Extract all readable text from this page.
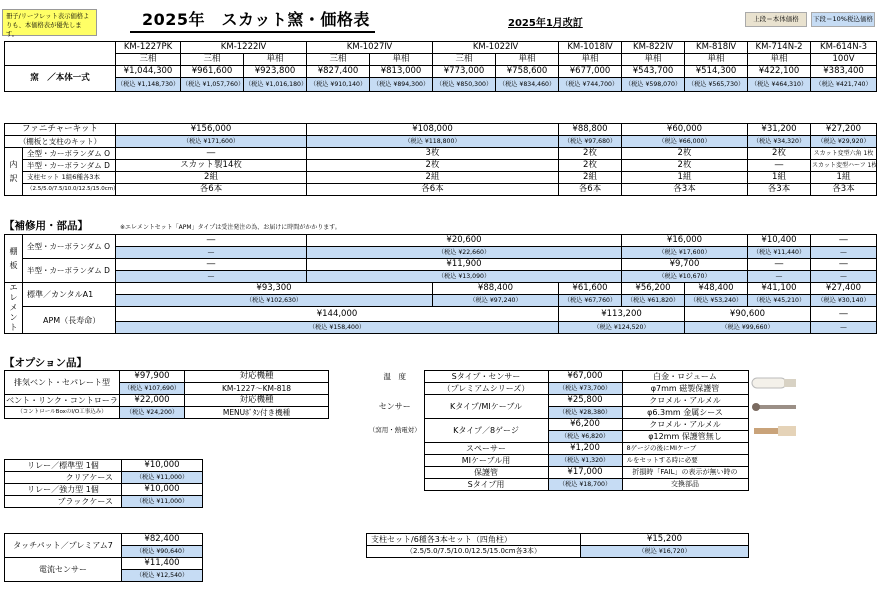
冊子/リーフレット表示価格よりも、本価格表が優先します。
2025年　スカット窯・価格表	2025年1月改訂	上段＝本体価格	下段＝10%税込価格
	KM-1227PK	KM-1222Ⅳ		KM-1027Ⅳ		KM-1022Ⅳ		KM-1018Ⅳ	KM-822Ⅳ	KM-818Ⅳ	KM-714N-2	KM-614N-3
	三相	三相	単相	三相	単相	三相	単相	単相	単相	単相	単相	100V
窯　／本体一式	¥1,044,300	¥961,600	¥923,800	¥827,400	¥813,000	¥773,000	¥758,600	¥677,000	¥543,700	¥514,300	¥422,100	¥383,400
	（税込 ¥1,148,730）	（税込 ¥1,057,760）	（税込 ¥1,016,180）	（税込 ¥910,140）	（税込 ¥894,300）	（税込 ¥850,300）	（税込 ¥834,460）	（税込 ¥744,700）	（税込 ¥598,070）	（税込 ¥565,730）	（税込 ¥464,310）	（税込 ¥421,740）
ファニチャーキット		¥156,000	¥108,000	¥88,800	¥60,000	¥31,200	¥27,200
（棚板と支柱のキット）		（税込 ¥171,600）	（税込 ¥118,800）	（税込 ¥97,680）	（税込 ¥66,000）	（税込 ¥34,320）	（税込 ¥29,920）
内　訳	全型・カーボランダム O	―	3枚	2枚	2枚	2枚	スカット変型六角 1枚
	半型・カーボランダム D	スカット製14枚	2枚	2枚	2枚	―	スカット変型ハーフ 1枚
	支柱セット 1組6種各3本	2組	2組	2組	1組	1組	1組
	（2.5/5.0/7.5/10.0/12.5/15.0cm）	各6本	各6本	各6本	各3本	各3本	各3本
【補修用・部品】	※エレメントセット「APM」タイプは受注発注の為、お届けに時間がかかります。
棚　板	全型・カーボランダム O	―	¥20,600			¥16,000		¥10,400	―	
		―	（税込 ¥22,660）			（税込 ¥17,600）		（税込 ¥11,440）	―	
	半型・カーボランダム D	―	¥11,900			¥9,700		―	―	
		―	（税込 ¥13,090）			（税込 ¥10,670）		―	―	
エレメント	標準／カンタルA1	¥93,300		¥88,400	¥61,600	¥56,200	¥48,400	¥41,100	¥27,400	
		（税込 ¥102,630）		（税込 ¥97,240）	（税込 ¥67,760）	（税込 ¥61,820）	（税込 ¥53,240）	（税込 ¥45,210）	（税込 ¥30,140）	
	APM（長寿命）	¥144,000			¥113,200		¥90,600		―	
		（税込 ¥158,400）			（税込 ¥124,520）		（税込 ¥99,660）		―	
【オプション品】
排気ベント・セパレート型	¥97,900	対応機種
	（税込 ¥107,690）	KM-1227～KM-818
ベント・リンク・コントローラ	¥22,000	対応機種
（コントロールBoxのI/O工事込み）	（税込 ¥24,200）	MENUﾎﾞﾀﾝ付き機種
リレー／標準型 1個	¥10,000
クリアケース	（税込 ¥11,000）
リレー／強力型 1個	¥10,000
ブラックケース	（税込 ¥11,000）
タッチパット／プレミアム7	¥82,400
	（税込 ¥90,640）
電流センサー	¥11,400
	（税込 ¥12,540）
温　度	Sタイプ・センサー	¥67,000	白金・ロジューム	

	（プレミアムシリーズ）	（税込 ¥73,700）	φ7mm 磁製保護管	
センサー	Kタイプ/MIケーブル	¥25,800	クロメル・アルメル	

		（税込 ¥28,380）	φ6.3mm 金属シース	
（窯用・熱電対）	Kタイプ／8ゲージ	¥6,200	クロメル・アルメル	

		（税込 ¥6,820）	φ12mm 保護管無し	
	スペーサー	¥1,200	8ゲージの後にMIケーブ	
	MIケーブル用	（税込 ¥1,320）	ルをセットする時に必要	
	保護管	¥17,000	折損時「FAIL」の表示が無い時の	
	Sタイプ用	（税込 ¥18,700）	交換部品	
支柱セット/6種各3本セット（四角柱）	¥15,200
（2.5/5.0/7.5/10.0/12.5/15.0cm各3本）	（税込 ¥16,720）
